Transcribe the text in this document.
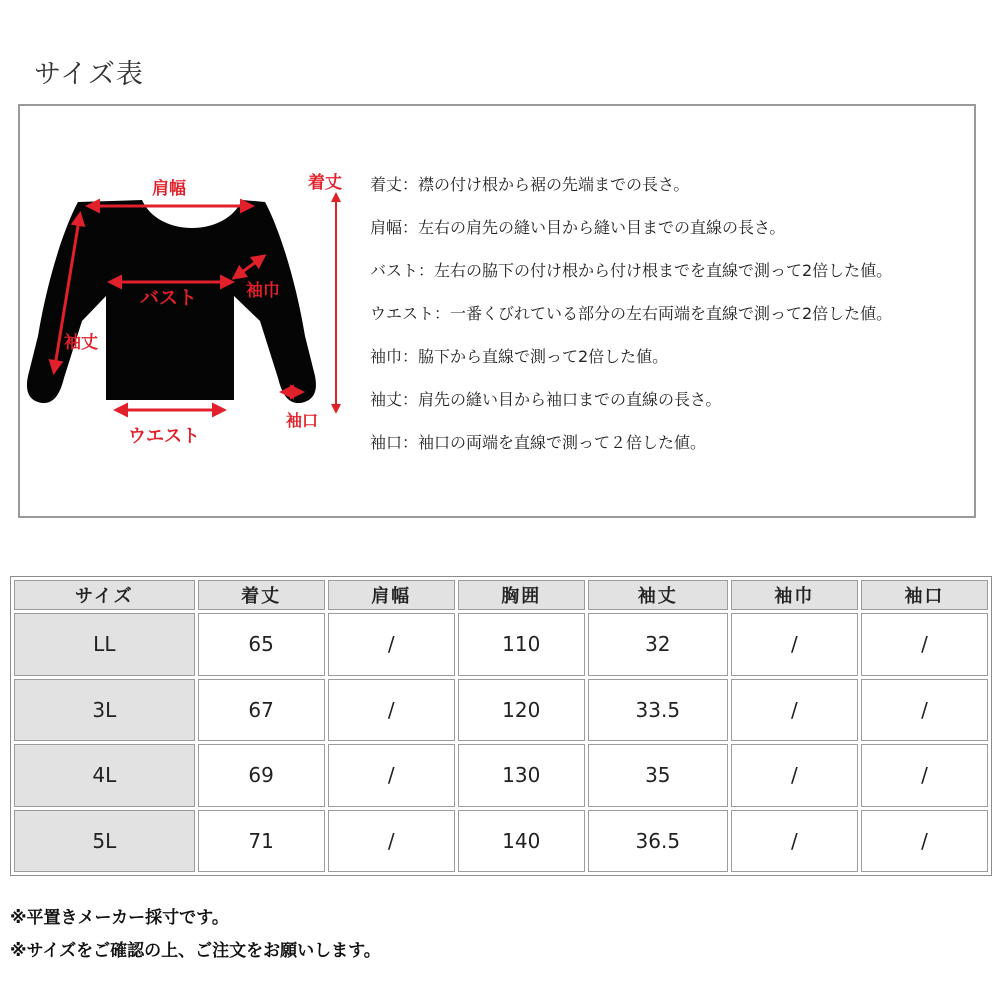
サイズ表
肩幅	着丈
バスト	袖巾
袖丈
袖口
ウエスト
着丈：襟の付け根から裾の先端までの長さ。
肩幅：左右の肩先の縫い目から縫い目までの直線の長さ。
バスト：左右の脇下の付け根から付け根までを直線で測って2倍した値。
ウエスト：一番くびれている部分の左右両端を直線で測って2倍した値。
袖巾：脇下から直線で測って2倍した値。
袖丈：肩先の縫い目から袖口までの直線の長さ。
袖口：袖口の両端を直線で測って２倍した値。
サイズ	着丈	肩幅	胸囲	袖丈	袖巾	袖口
LL	65	/	110	32	/	/
3L	67	/	120	33.5	/	/
4L	69	/	130	35	/	/
5L	71	/	140	36.5	/	/
※平置きメーカー採寸です。
※サイズをご確認の上、ご注文をお願いします。
